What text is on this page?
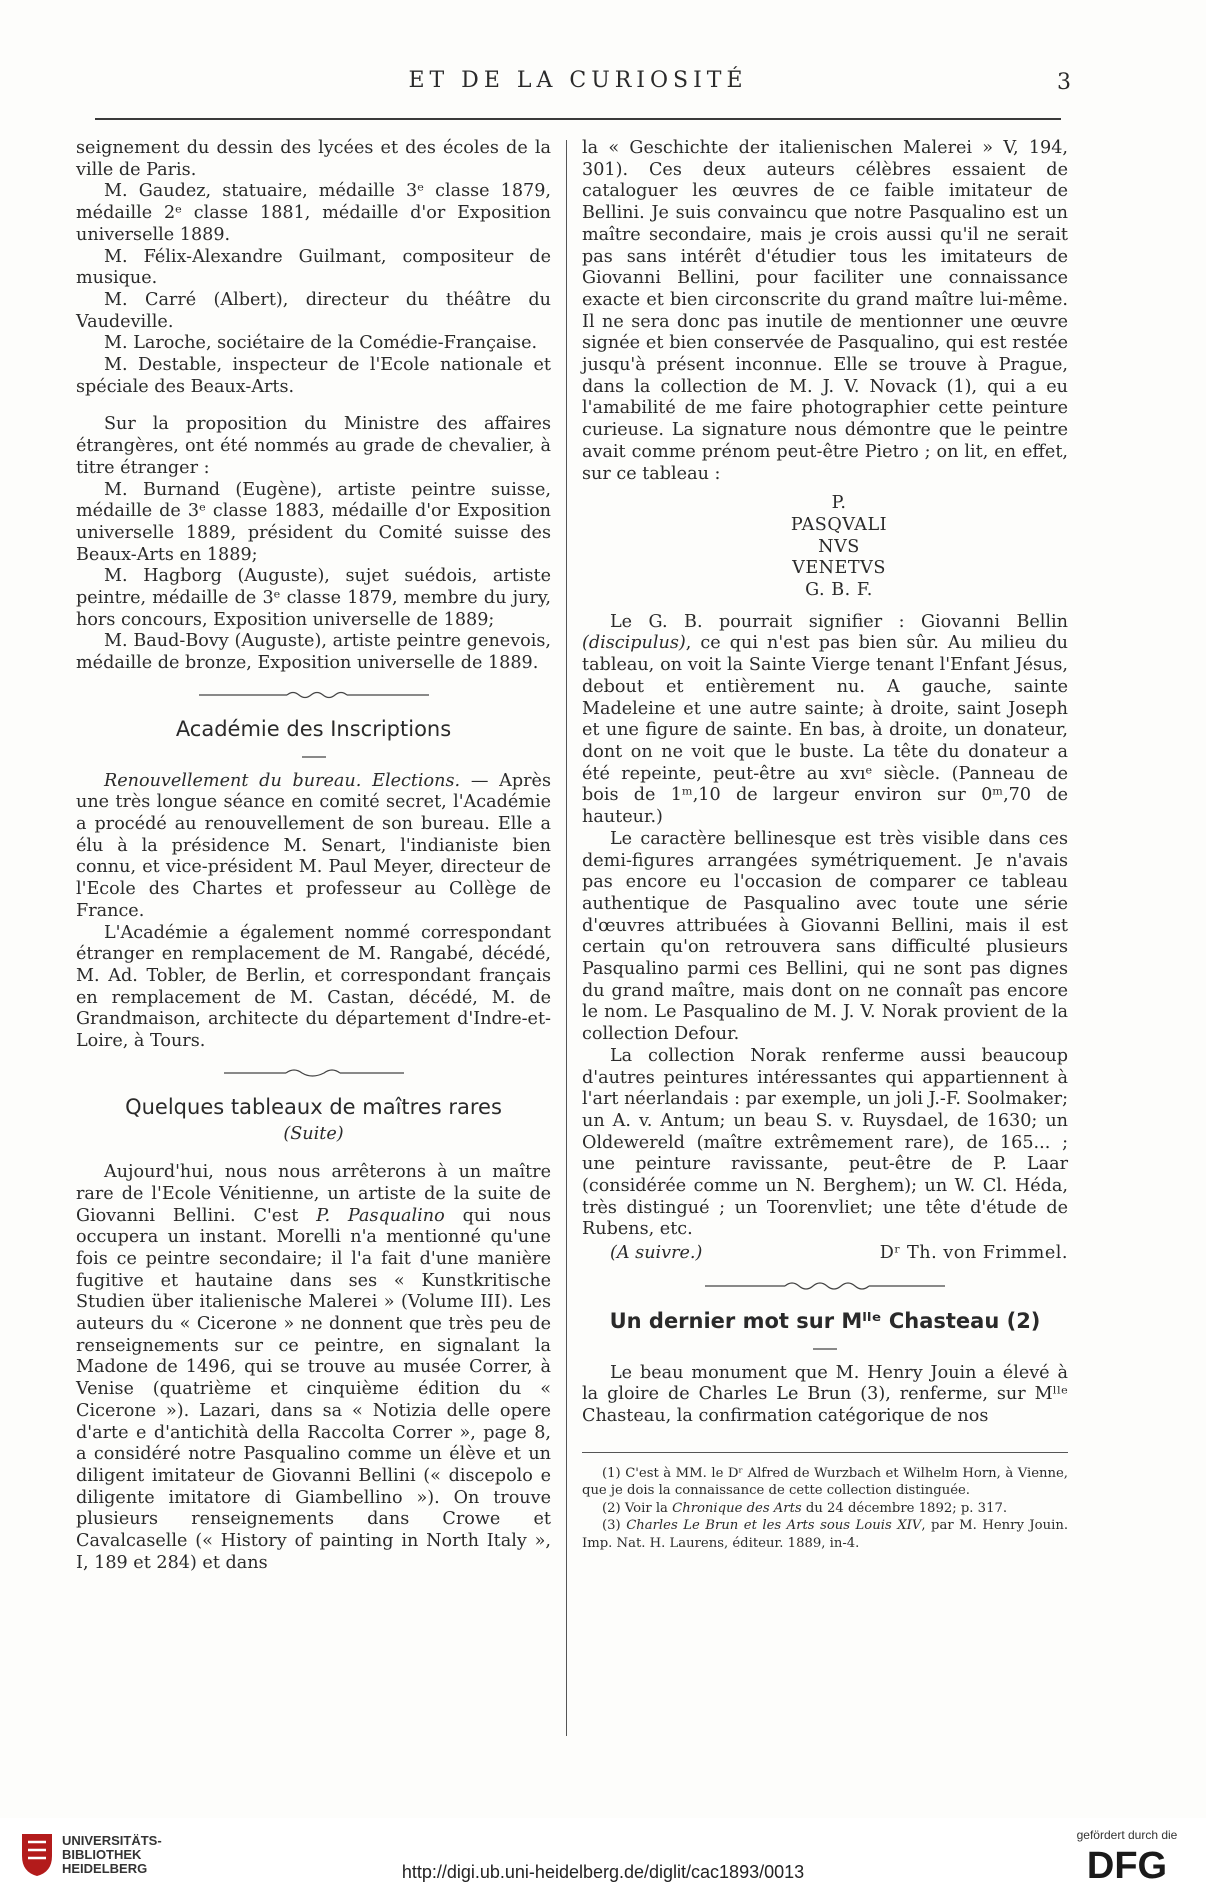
ET DE LA CURIOSITÉ	3

seignement du dessin des lycées et des écoles de la ville de Paris.

M. Gaudez, statuaire, médaille 3ᵉ classe 1879, médaille 2ᵉ classe 1881, médaille d'or Exposition universelle 1889.

M. Félix-Alexandre Guilmant, compositeur de musique.

M. Carré (Albert), directeur du théâtre du Vaudeville.

M. Laroche, sociétaire de la Comédie-Française.

M. Destable, inspecteur de l'Ecole nationale et spéciale des Beaux-Arts.

Sur la proposition du Ministre des affaires étrangères, ont été nommés au grade de chevalier, à titre étranger :

M. Burnand (Eugène), artiste peintre suisse, médaille de 3ᵉ classe 1883, médaille d'or Exposition universelle 1889, président du Comité suisse des Beaux-Arts en 1889;

M. Hagborg (Auguste), sujet suédois, artiste peintre, médaille de 3ᵉ classe 1879, membre du jury, hors concours, Exposition universelle de 1889;

M. Baud-Bovy (Auguste), artiste peintre genevois, médaille de bronze, Exposition universelle de 1889.

Académie des Inscriptions

Renouvellement du bureau. Elections. — Après une très longue séance en comité secret, l'Académie a procédé au renouvellement de son bureau. Elle a élu à la présidence M. Senart, l'indianiste bien connu, et vice-président M. Paul Meyer, directeur de l'Ecole des Chartes et professeur au Collège de France.

L'Académie a également nommé correspondant étranger en remplacement de M. Rangabé, décédé, M. Ad. Tobler, de Berlin, et correspondant français en remplacement de M. Castan, décédé, M. de Grandmaison, architecte du département d'Indre-et-Loire, à Tours.

Quelques tableaux de maîtres rares
(Suite)

Aujourd'hui, nous nous arrêterons à un maître rare de l'Ecole Vénitienne, un artiste de la suite de Giovanni Bellini. C'est P. Pasqualino qui nous occupera un instant. Morelli n'a mentionné qu'une fois ce peintre secondaire; il l'a fait d'une manière fugitive et hautaine dans ses « Kunstkritische Studien über italienische Malerei » (Volume III). Les auteurs du « Cicerone » ne donnent que très peu de renseignements sur ce peintre, en signalant la Madone de 1496, qui se trouve au musée Correr, à Venise (quatrième et cinquième édition du « Cicerone »). Lazari, dans sa « Notizia delle opere d'arte e d'antichità della Raccolta Correr », page 8, a considéré notre Pasqualino comme un élève et un diligent imitateur de Giovanni Bellini (« discepolo e diligente imitatore di Giambellino »). On trouve plusieurs renseignements dans Crowe et Cavalcaselle (« History of painting in North Italy », I, 189 et 284) et dans

la « Geschichte der italienischen Malerei » V, 194, 301). Ces deux auteurs célèbres essaient de cataloguer les œuvres de ce faible imitateur de Bellini. Je suis convaincu que notre Pasqualino est un maître secondaire, mais je crois aussi qu'il ne serait pas sans intérêt d'étudier tous les imitateurs de Giovanni Bellini, pour faciliter une connaissance exacte et bien circonscrite du grand maître lui-même. Il ne sera donc pas inutile de mentionner une œuvre signée et bien conservée de Pasqualino, qui est restée jusqu'à présent inconnue. Elle se trouve à Prague, dans la collection de M. J. V. Novack (1), qui a eu l'amabilité de me faire photographier cette peinture curieuse. La signature nous démontre que le peintre avait comme prénom peut-être Pietro ; on lit, en effet, sur ce tableau :

P.

PASQVALI

NVS

VENETVS

G. B. F.

Le G. B. pourrait signifier : Giovanni Bellin (discipulus), ce qui n'est pas bien sûr. Au milieu du tableau, on voit la Sainte Vierge tenant l'Enfant Jésus, debout et entièrement nu. A gauche, sainte Madeleine et une autre sainte; à droite, saint Joseph et une figure de sainte. En bas, à droite, un donateur, dont on ne voit que le buste. La tête du donateur a été repeinte, peut-être au xvıᵉ siècle. (Panneau de bois de 1ᵐ,10 de largeur environ sur 0ᵐ,70 de hauteur.)

Le caractère bellinesque est très visible dans ces demi-figures arrangées symétriquement. Je n'avais pas encore eu l'occasion de comparer ce tableau authentique de Pasqualino avec toute une série d'œuvres attribuées à Giovanni Bellini, mais il est certain qu'on retrouvera sans difficulté plusieurs Pasqualino parmi ces Bellini, qui ne sont pas dignes du grand maître, mais dont on ne connaît pas encore le nom. Le Pasqualino de M. J. V. Norak provient de la collection Defour.

La collection Norak renferme aussi beaucoup d'autres peintures intéressantes qui appartiennent à l'art néerlandais : par exemple, un joli J.-F. Soolmaker; un A. v. Antum; un beau S. v. Ruysdael, de 1630; un Oldewereld (maître extrêmement rare), de 165... ; une peinture ravissante, peut-être de P. Laar (considérée comme un N. Berghem); un W. Cl. Héda, très distingué ; un Toorenvliet; une tête d'étude de Rubens, etc.

(A suivre.)	Dʳ Th. von Frimmel.
Un dernier mot sur Mˡˡᵉ Chasteau (2)

Le beau monument que M. Henry Jouin a élevé à la gloire de Charles Le Brun (3), renferme, sur Mˡˡᵉ Chasteau, la confirmation catégorique de nos

(1) C'est à MM. le Dʳ Alfred de Wurzbach et Wilhelm Horn, à Vienne, que je dois la connaissance de cette collection distinguée.

(2) Voir la Chronique des Arts du 24 décembre 1892; p. 317.

(3) Charles Le Brun et les Arts sous Louis XIV, par M. Henry Jouin. Imp. Nat. H. Laurens, éditeur. 1889, in-4.

UNIVERSITÄTS-
BIBLIOTHEK
HEIDELBERG	http://digi.ub.uni-heidelberg.de/diglit/cac1893/0013
gefördert durch die
DFG
